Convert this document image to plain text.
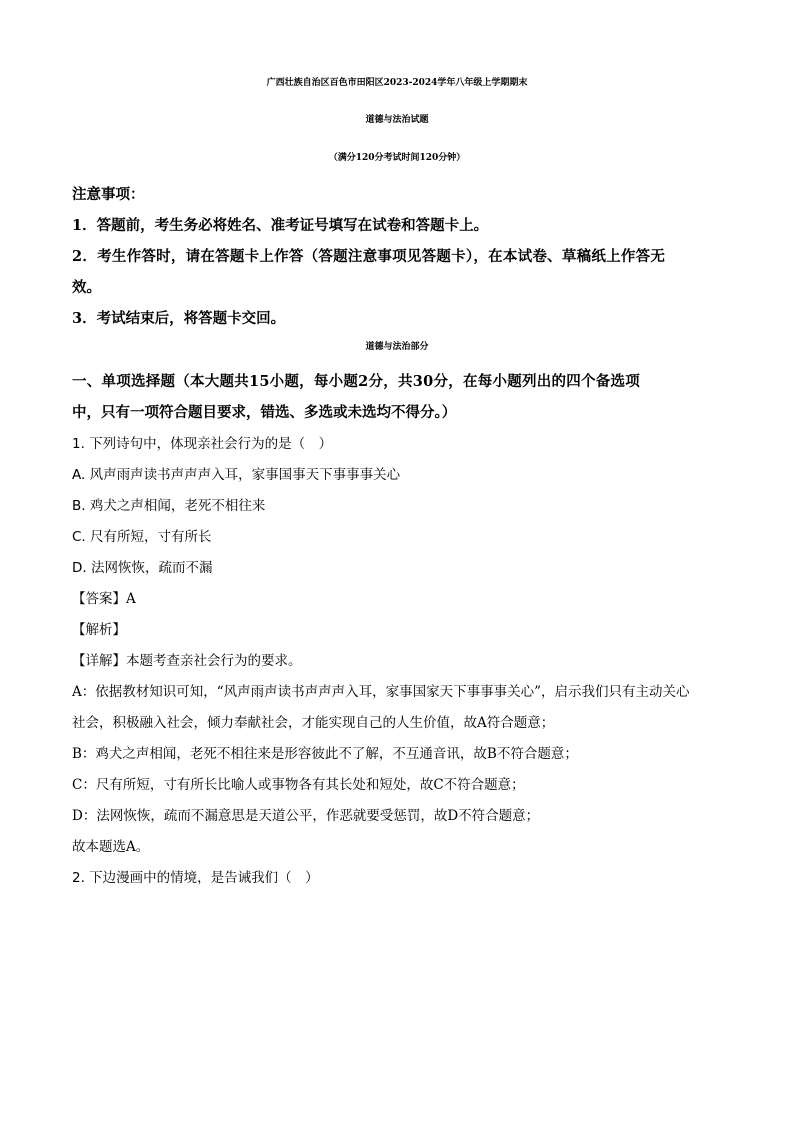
广西壮族自治区百色市田阳区2023-2024学年八年级上学期期末
道德与法治试题
（满分120分考试时间120分钟）
注意事项：
1．答题前，考生务必将姓名、准考证号填写在试卷和答题卡上。
2．考生作答时，请在答题卡上作答（答题注意事项见答题卡），在本试卷、草稿纸上作答无
效。
3．考试结束后，将答题卡交回。
道德与法治部分
一、单项选择题（本大题共15小题，每小题2分，共30分，在每小题列出的四个备选项
中，只有一项符合题目要求，错选、多选或未选均不得分。）
1. 下列诗句中，体现亲社会行为的是（　）
A. 风声雨声读书声声声入耳，家事国事天下事事事关心
B. 鸡犬之声相闻，老死不相往来
C. 尺有所短，寸有所长
D. 法网恢恢，疏而不漏
【答案】A
【解析】
【详解】本题考查亲社会行为的要求。
A：依据教材知识可知，“风声雨声读书声声声入耳，家事国家天下事事事关心”，启示我们只有主动关心
社会，积极融入社会，倾力奉献社会，才能实现自己的人生价值，故A符合题意；
B：鸡犬之声相闻，老死不相往来是形容彼此不了解，不互通音讯，故B不符合题意；
C：尺有所短，寸有所长比喻人或事物各有其长处和短处，故C不符合题意；
D：法网恢恢，疏而不漏意思是天道公平，作恶就要受惩罚，故D不符合题意；
故本题选A。
2. 下边漫画中的情境，是告诫我们（　）
